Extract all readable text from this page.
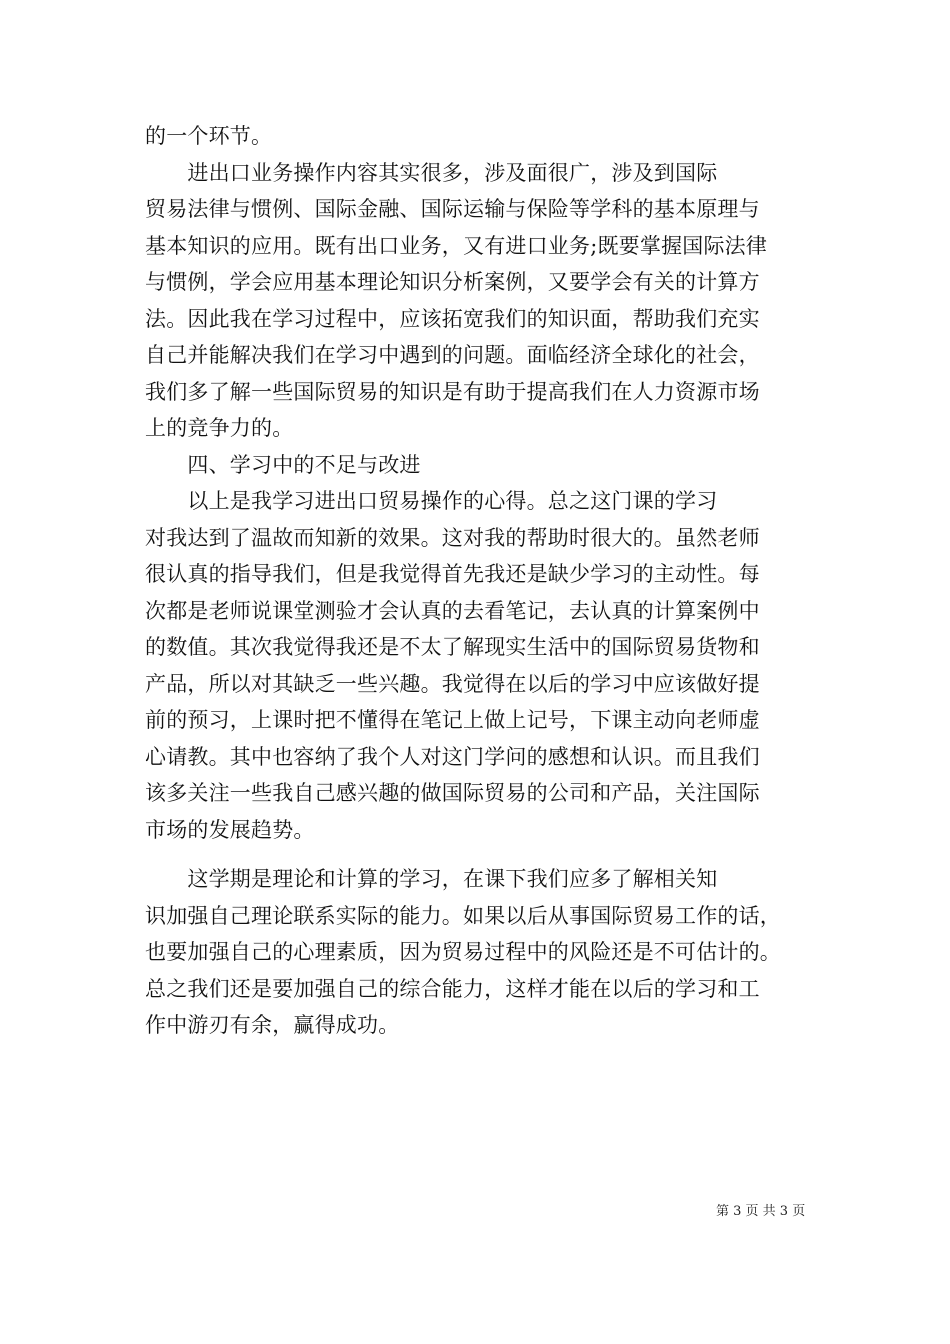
的一个环节。
　　进出口业务操作内容其实很多，涉及面很广，涉及到国际
贸易法律与惯例、国际金融、国际运输与保险等学科的基本原理与
基本知识的应用。既有出口业务，又有进口业务;既要掌握国际法律
与惯例，学会应用基本理论知识分析案例，又要学会有关的计算方
法。因此我在学习过程中，应该拓宽我们的知识面，帮助我们充实
自己并能解决我们在学习中遇到的问题。面临经济全球化的社会，
我们多了解一些国际贸易的知识是有助于提高我们在人力资源市场
上的竞争力的。
　　四、学习中的不足与改进
　　以上是我学习进出口贸易操作的心得。总之这门课的学习
对我达到了温故而知新的效果。这对我的帮助时很大的。虽然老师
很认真的指导我们，但是我觉得首先我还是缺少学习的主动性。每
次都是老师说课堂测验才会认真的去看笔记，去认真的计算案例中
的数值。其次我觉得我还是不太了解现实生活中的国际贸易货物和
产品，所以对其缺乏一些兴趣。我觉得在以后的学习中应该做好提
前的预习，上课时把不懂得在笔记上做上记号，下课主动向老师虚
心请教。其中也容纳了我个人对这门学问的感想和认识。而且我们
该多关注一些我自己感兴趣的做国际贸易的公司和产品，关注国际
市场的发展趋势。
　　这学期是理论和计算的学习，在课下我们应多了解相关知
识加强自己理论联系实际的能力。如果以后从事国际贸易工作的话，
也要加强自己的心理素质，因为贸易过程中的风险还是不可估计的。
总之我们还是要加强自己的综合能力，这样才能在以后的学习和工
作中游刃有余，赢得成功。
第 3 页 共 3 页
